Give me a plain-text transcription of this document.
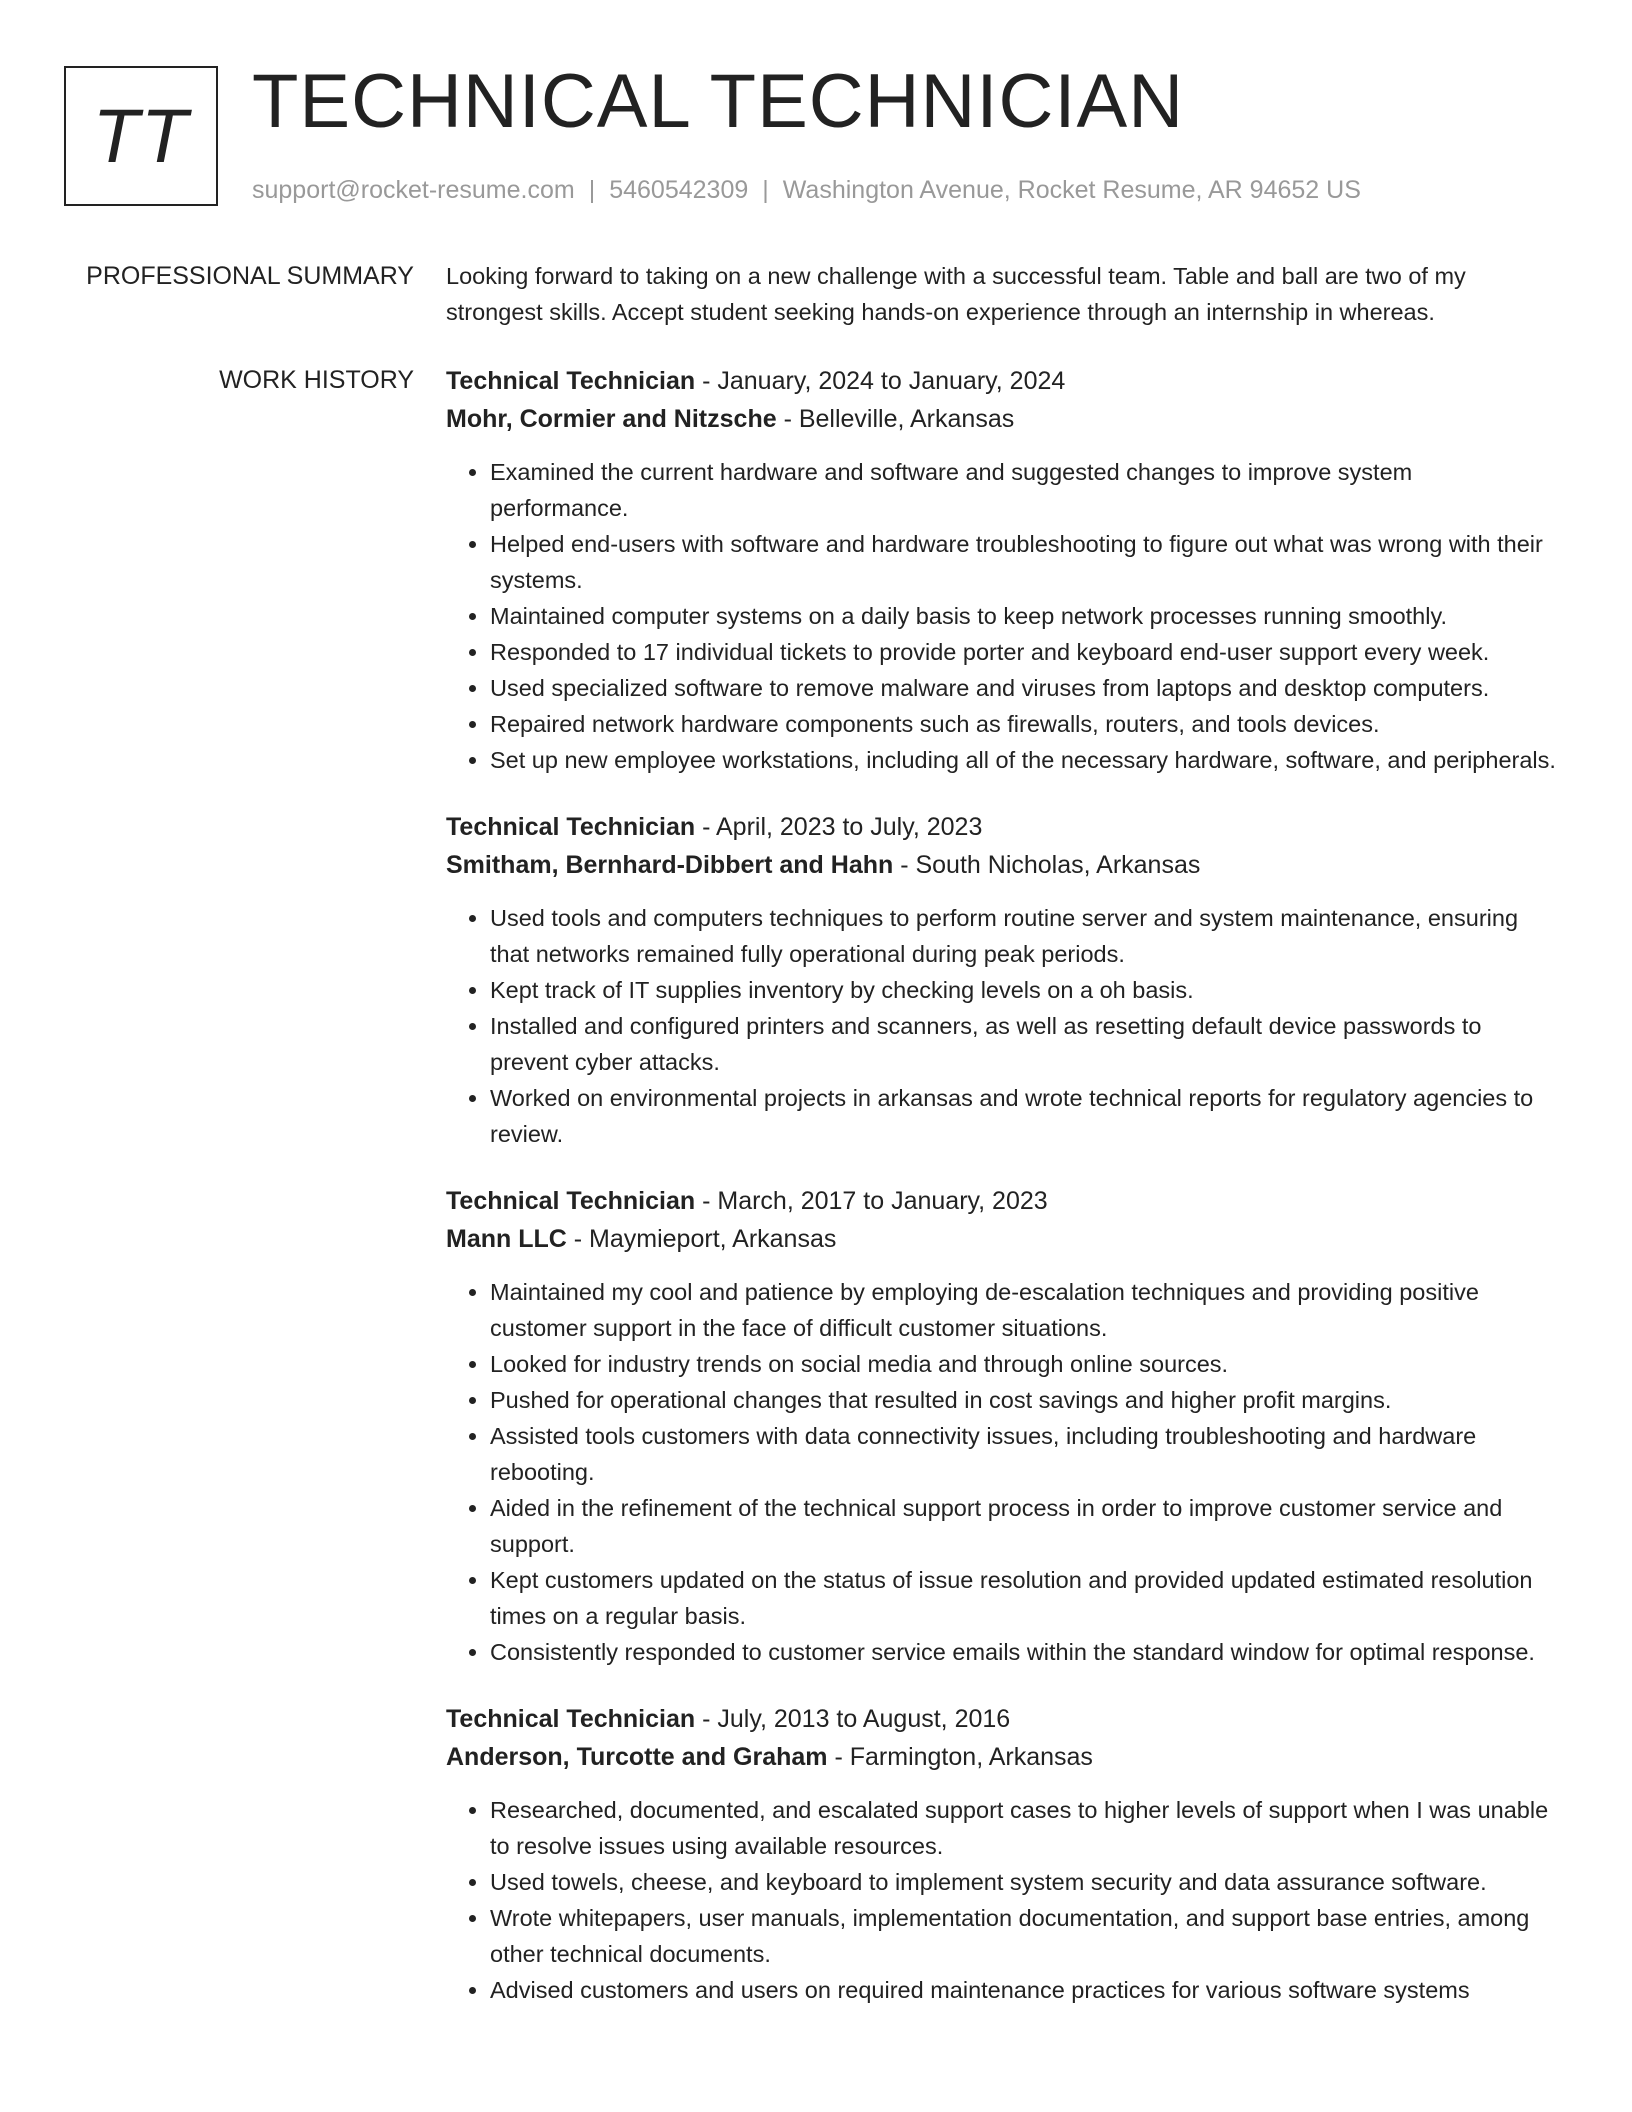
TT TECHNICAL TECHNICIAN
support@rocket-resume.com | 5460542309 | Washington Avenue, Rocket Resume, AR 94652 US
PROFESSIONAL SUMMARY Looking forward to taking on a new challenge with a successful team. Table and ball are two of my strongest skills. Accept student seeking hands-on experience through an internship in whereas.
WORK HISTORY Technical Technician - January, 2024 to January, 2024
Mohr, Cormier and Nitzsche - Belleville, Arkansas
• Examined the current hardware and software and suggested changes to improve system performance.
• Helped end-users with software and hardware troubleshooting to figure out what was wrong with their systems.
• Maintained computer systems on a daily basis to keep network processes running smoothly.
• Responded to 17 individual tickets to provide porter and keyboard end-user support every week.
• Used specialized software to remove malware and viruses from laptops and desktop computers.
• Repaired network hardware components such as firewalls, routers, and tools devices.
• Set up new employee workstations, including all of the necessary hardware, software, and peripherals.
Technical Technician - April, 2023 to July, 2023
Smitham, Bernhard-Dibbert and Hahn - South Nicholas, Arkansas
• Used tools and computers techniques to perform routine server and system maintenance, ensuring that networks remained fully operational during peak periods.
• Kept track of IT supplies inventory by checking levels on a oh basis.
• Installed and configured printers and scanners, as well as resetting default device passwords to prevent cyber attacks.
• Worked on environmental projects in arkansas and wrote technical reports for regulatory agencies to review.
Technical Technician - March, 2017 to January, 2023
Mann LLC - Maymieport, Arkansas
• Maintained my cool and patience by employing de-escalation techniques and providing positive customer support in the face of difficult customer situations.
• Looked for industry trends on social media and through online sources.
• Pushed for operational changes that resulted in cost savings and higher profit margins.
• Assisted tools customers with data connectivity issues, including troubleshooting and hardware rebooting.
• Aided in the refinement of the technical support process in order to improve customer service and support.
• Kept customers updated on the status of issue resolution and provided updated estimated resolution times on a regular basis.
• Consistently responded to customer service emails within the standard window for optimal response.
Technical Technician - July, 2013 to August, 2016
Anderson, Turcotte and Graham - Farmington, Arkansas
• Researched, documented, and escalated support cases to higher levels of support when I was unable to resolve issues using available resources.
• Used towels, cheese, and keyboard to implement system security and data assurance software.
• Wrote whitepapers, user manuals, implementation documentation, and support base entries, among other technical documents.
• Advised customers and users on required maintenance practices for various software systems
